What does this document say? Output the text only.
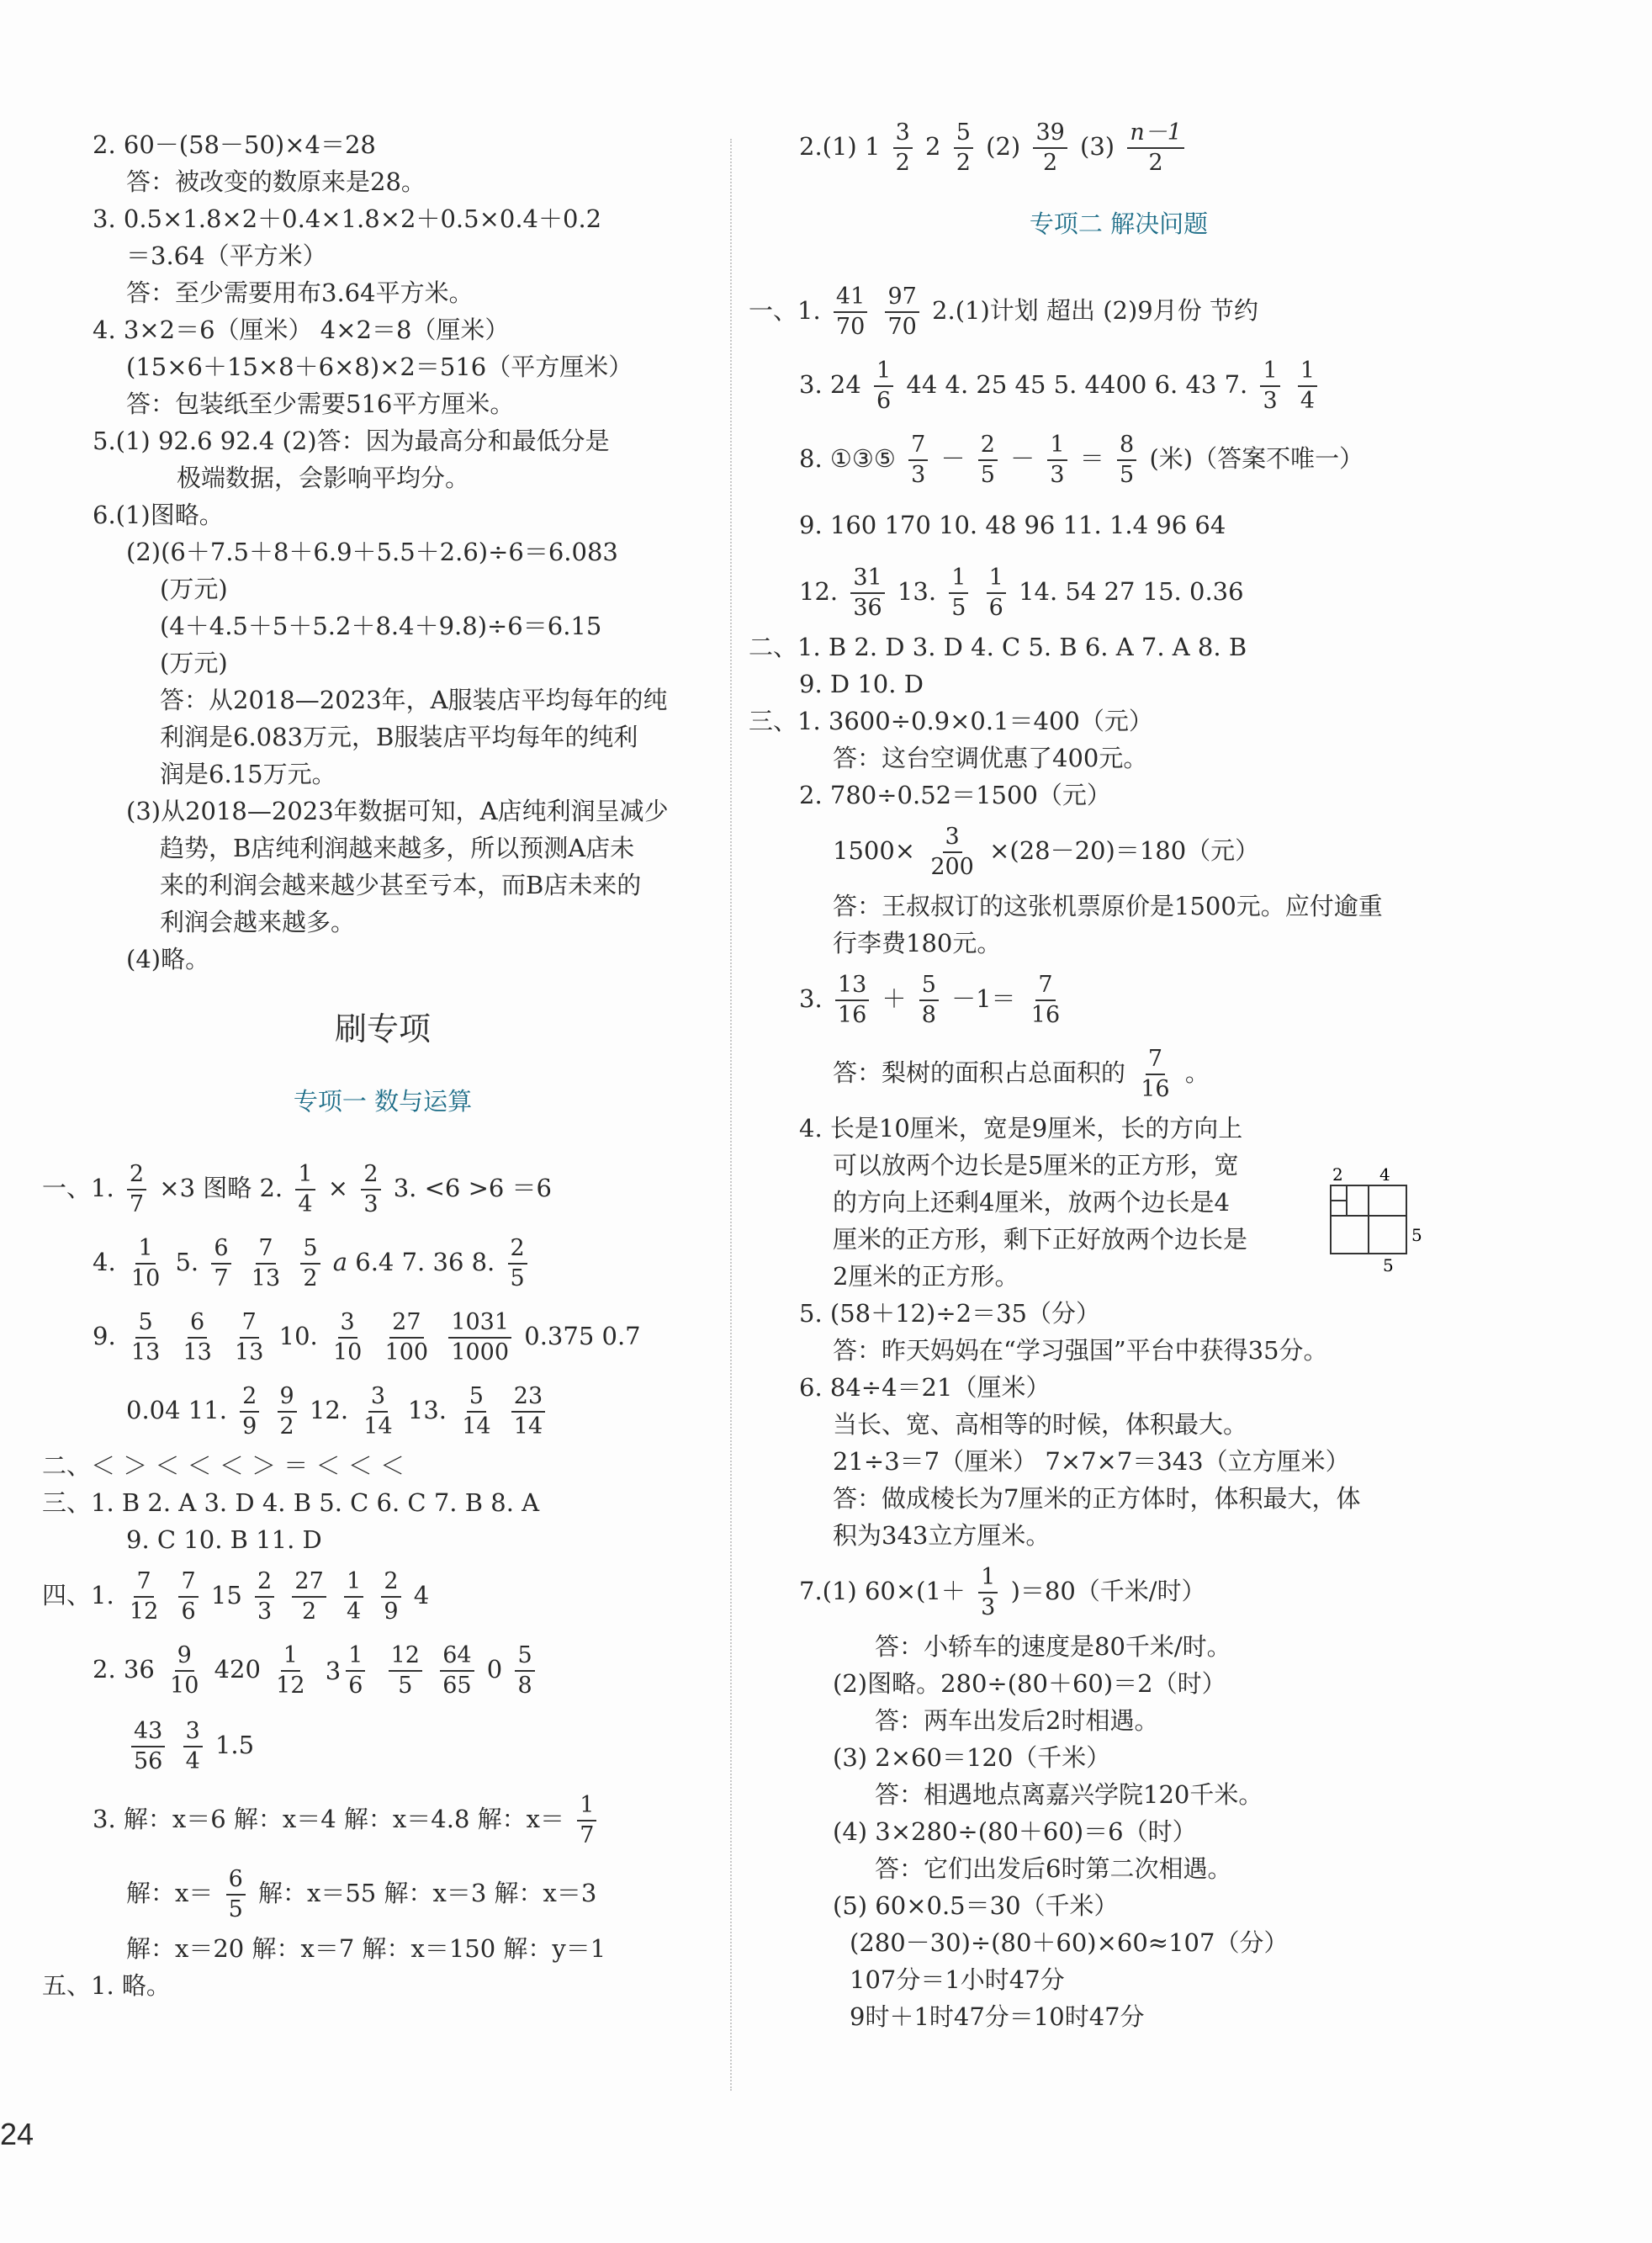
2. 60－(58－50)×4＝28
答：被改变的数原来是28。
3. 0.5×1.8×2＋0.4×1.8×2＋0.5×0.4＋0.2
＝3.64（平方米）
答：至少需要用布3.64平方米。
4. 3×2＝6（厘米） 4×2＝8（厘米）
(15×6＋15×8＋6×8)×2＝516（平方厘米）
答：包装纸至少需要516平方厘米。
5.(1) 92.6 92.4 (2)答：因为最高分和最低分是
极端数据，会影响平均分。
6.(1)图略。
(2)(6＋7.5＋8＋6.9＋5.5＋2.6)÷6＝6.083
(万元)
(4＋4.5＋5＋5.2＋8.4＋9.8)÷6＝6.15
(万元)
答：从2018—2023年，A服装店平均每年的纯
利润是6.083万元，B服装店平均每年的纯利
润是6.15万元。
(3)从2018—2023年数据可知，A店纯利润呈减少
趋势，B店纯利润越来越多，所以预测A店未
来的利润会越来越少甚至亏本，而B店未来的
利润会越来越多。
(4)略。
刷专项
专项一 数与运算
一、1. $\frac{2}{7} \times 3$ 图略 2. $\frac{1}{4} \times \frac{2}{3} 3$. <6 >6 ＝6
4. $\frac{1}{10} 5$. $\frac{6}{7}$
$\frac{7}{13}$
$\frac{5}{2}$ a 6.4 7. 36 8. $\frac{2}{5}$
9. $\frac{5}{13}$
$\frac{6}{13}$
$\frac{7}{13} 10$. $\frac{3}{10}$
$\frac{27}{100}$
$\frac{1031}{1000} 0.375$ 0.7
0.04 11. $\frac{2}{9}$
$\frac{9}{2} 12$. $\frac{3}{14} 13$. $\frac{5}{14}$
$\frac{23}{14}$
二、＜ ＞ ＜ ＜ ＜ ＞ ＝ ＜ ＜ ＜
三、1. B 2. A 3. D 4. B 5. C 6. C 7. B 8. A
9. C 10. B 11. D
四、1. $\frac{7}{12}$
$\frac{7}{6} 15 \frac{2}{3}$
$\frac{27}{2}$
$\frac{1}{4}$
$\frac{2}{9} 4$
2. $36 \frac{9}{10} 420 \frac{1}{12}$
$3 \frac{1}{6}$
$\frac{12}{5}$
$\frac{64}{65} 0 \frac{5}{8}$
$\frac{43}{56}$
$\frac{3}{4} 1.5$
3. 解：x＝6 解：x＝4 解：x＝4.8 解：$x= \frac{1}{7}$
解：$x= \frac{6}{5}$ 解：x＝55 解：x＝3 解：x＝3
解：x＝20 解：x＝7 解：x＝150 解：y＝1
五、1. 略。
2.(1) $1 \frac{3}{2} 2 \frac{5}{2} (2) \frac{39}{2} (3) \frac{n-1}{2}$
专项二 解决问题
一、1. $\frac{41}{70}$
$\frac{97}{70} 2.(1)$计划 超出 (2)9月份 节约
3. $24 \frac{1}{6} 44$ 4. 25 45 5. 4400 6. 43 7. $\frac{1}{3}$
$\frac{1}{4}$
8. ①③⑤ $\frac{7}{3} - \frac{2}{5} - \frac{1}{3} = \frac{8}{5}$ (米)（答案不唯一）
9. 160 170 10. 48 96 11. 1.4 96 64
12. $\frac{31}{36} 13$. $\frac{1}{5}$
$\frac{1}{6} 14$. 54 27 15. 0.36
二、1. B 2. D 3. D 4. C 5. B 6. A 7. A 8. B
9. D 10. D
三、1. 3600÷0.9×0.1＝400（元）
答：这台空调优惠了400元。
2. 780÷0.52＝1500（元）
$1500\times \frac{3}{200} \times(28-20)=180$（元）
答：王叔叔订的这张机票原价是1500元。应付逾重
行李费180元。
3. $\frac{13}{16} + \frac{5}{8} -1= \frac{7}{16}$
答：梨树的面积占总面积的 $\frac{7}{16}$ 。
4. 长是10厘米，宽是9厘米，长的方向上
可以放两个边长是5厘米的正方形，宽
的方向上还剩4厘米，放两个边长是4
厘米的正方形，剩下正好放两个边长是
2厘米的正方形。
5. (58＋12)÷2＝35（分）
答：昨天妈妈在“学习强国”平台中获得35分。
6. 84÷4＝21（厘米）
当长、宽、高相等的时候，体积最大。
21÷3＝7（厘米） 7×7×7＝343（立方厘米）
答：做成棱长为7厘米的正方体时，体积最大，体
积为343立方厘米。
7.(1) $60\times(1+ \frac{1}{3} )=80$（千米/时）
答：小轿车的速度是80千米/时。
(2)图略。280÷(80＋60)＝2（时）
答：两车出发后2时相遇。
(3) 2×60＝120（千米）
答：相遇地点离嘉兴学院120千米。
(4) 3×280÷(80＋60)＝6（时）
答：它们出发后6时第二次相遇。
(5) 60×0.5＝30（千米）
(280－30)÷(80＋60)×60≈107（分）
107分＝1小时47分
9时＋1时47分＝10时47分
2 4
5
5
24
